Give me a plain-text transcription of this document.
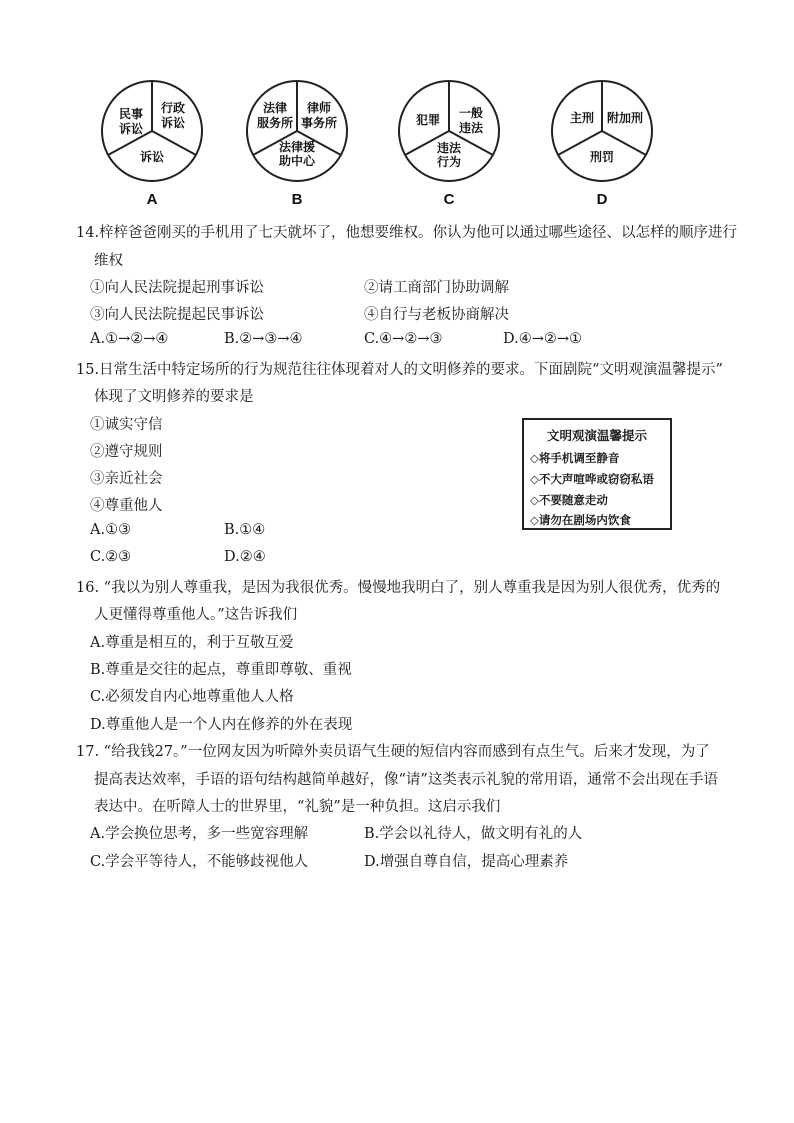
民事
诉讼
行政
诉讼
诉讼
A
法律
服务所
律师
事务所
法律援
助中心
B
犯罪 一般
违法
违法
行为
C
主刑 附加刑
刑罚
D
14.梓梓爸爸刚买的手机用了七天就坏了，他想要维权。你认为他可以通过哪些途径、以怎样的顺序进行
维权
①向人民法院提起刑事诉讼	②请工商部门协助调解
③向人民法院提起民事诉讼	④自行与老板协商解决
A.①→②→④	B.②→③→④	C.④→②→③	D.④→②→①
15.日常生活中特定场所的行为规范往往体现着对人的文明修养的要求。下面剧院“文明观演温馨提示”
体现了文明修养的要求是
①诚实守信
②遵守规则
③亲近社会
④尊重他人
A.①③	B.①④
C.②③	D.②④
文明观演温馨提示
◇将手机调至静音
◇不大声喧哗或窃窃私语
◇不要随意走动
◇请勿在剧场内饮食
16. “我以为别人尊重我，是因为我很优秀。慢慢地我明白了，别人尊重我是因为别人很优秀，优秀的
人更懂得尊重他人。”这告诉我们
A.尊重是相互的，利于互敬互爱
B.尊重是交往的起点，尊重即尊敬、重视
C.必须发自内心地尊重他人人格
D.尊重他人是一个人内在修养的外在表现
17. “给我钱27。”一位网友因为听障外卖员语气生硬的短信内容而感到有点生气。后来才发现，为了
提高表达效率，手语的语句结构越简单越好，像“请”这类表示礼貌的常用语，通常不会出现在手语
表达中。在听障人士的世界里，“礼貌”是一种负担。这启示我们
A.学会换位思考，多一些宽容理解	B.学会以礼待人，做文明有礼的人
C.学会平等待人，不能够歧视他人	D.增强自尊自信，提高心理素养
